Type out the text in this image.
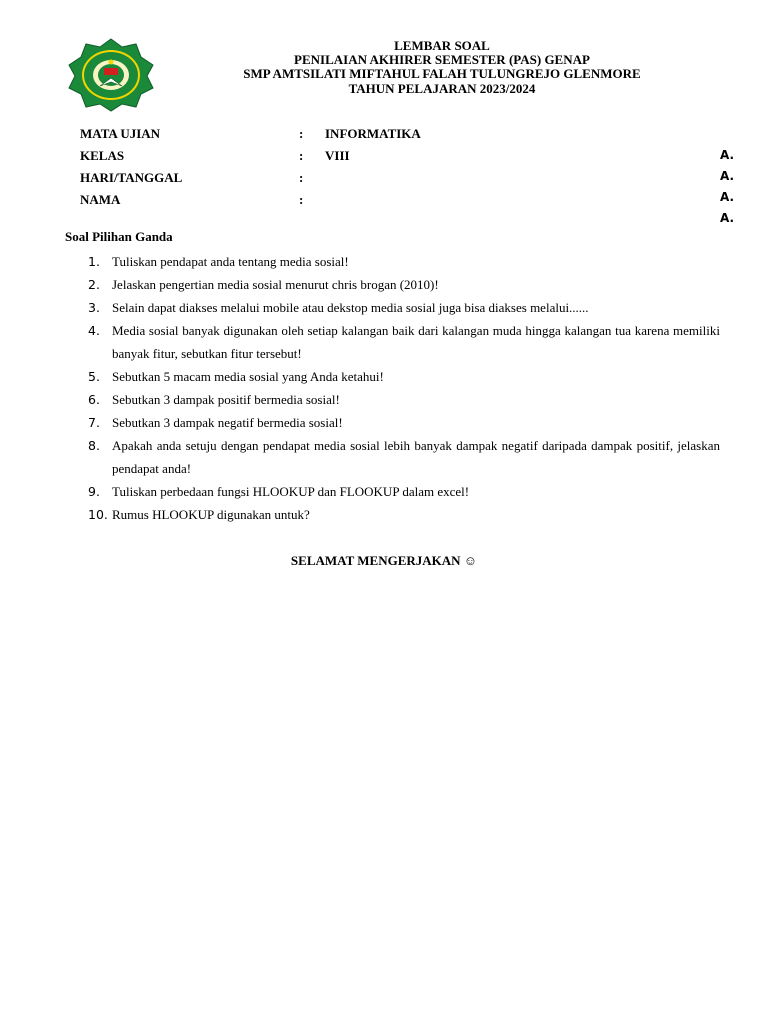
LEMBAR SOAL
PENILAIAN AKHIRER SEMESTER (PAS) GENAP
SMP AMTSILATI MIFTAHUL FALAH TULUNGREJO GLENMORE
TAHUN PELAJARAN 2023/2024
MATA UJIAN	: INFORMATIKA
KELAS	: VIII
HARI/TANGGAL	:
NAMA	:
A.
A.
A.
A.
Soal Pilihan Ganda
1. Tuliskan pendapat anda tentang media sosial!
2. Jelaskan pengertian media sosial menurut chris brogan (2010)!
3. Selain dapat diakses melalui mobile atau dekstop media sosial juga bisa diakses melalui......
4. Media sosial banyak digunakan oleh setiap kalangan baik dari kalangan muda hingga kalangan tua karena memiliki banyak fitur, sebutkan fitur tersebut!
5. Sebutkan 5 macam media sosial yang Anda ketahui!
6. Sebutkan 3 dampak positif bermedia sosial!
7. Sebutkan 3 dampak negatif bermedia sosial!
8. Apakah anda setuju dengan pendapat media sosial lebih banyak dampak negatif daripada dampak positif, jelaskan pendapat anda!
9. Tuliskan perbedaan fungsi HLOOKUP dan FLOOKUP dalam excel!
10. Rumus HLOOKUP digunakan untuk?
SELAMAT MENGERJAKAN ☺
